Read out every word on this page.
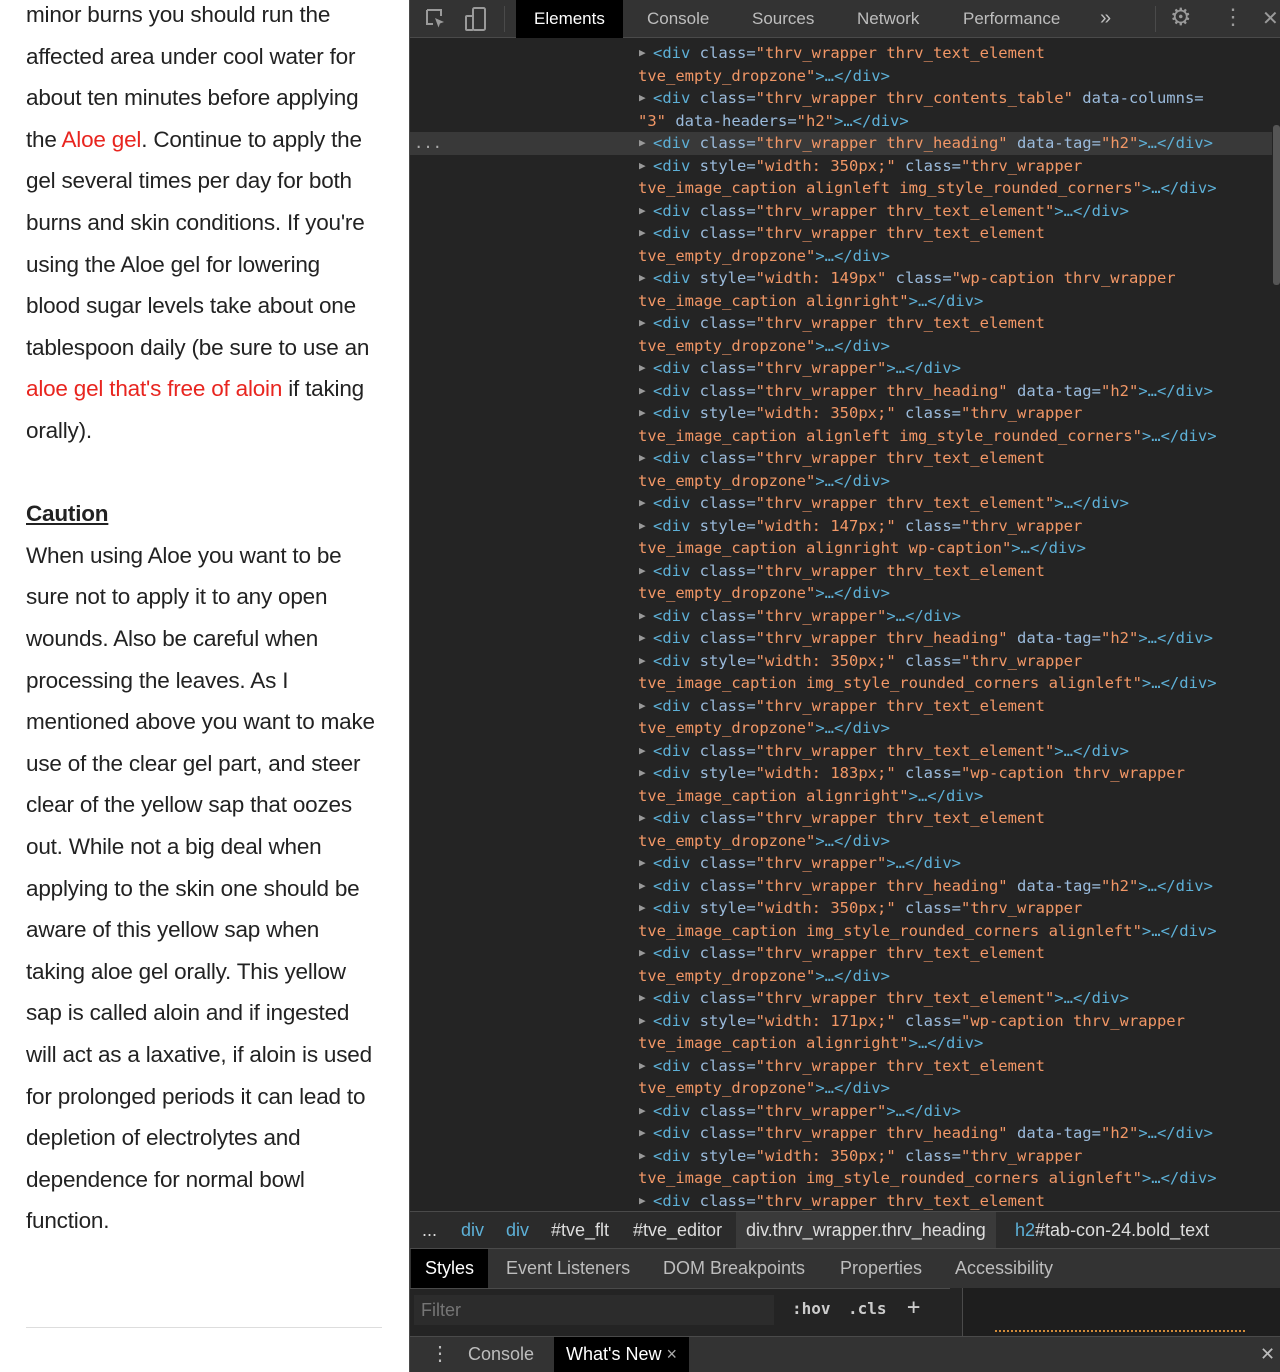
minor burns you should run the
affected area under cool water for
about ten minutes before applying
the Aloe gel. Continue to apply the
gel several times per day for both
burns and skin conditions. If you're
using the Aloe gel for lowering
blood sugar levels take about one
tablespoon daily (be sure to use an
aloe gel that's free of aloin if taking
orally).
Caution
When using Aloe you want to be
sure not to apply it to any open
wounds. Also be careful when
processing the leaves. As I
mentioned above you want to make
use of the clear gel part, and steer
clear of the yellow sap that oozes
out. While not a big deal when
applying to the skin one should be
aware of this yellow sap when
taking aloe gel orally. This yellow
sap is called aloin and if ingested
will act as a laxative, if aloin is used
for prolonged periods it can lead to
depletion of electrolytes and
dependence for normal bowl
function.
Elements	Console	Sources	Network	Performance » ⚙ ⋮ ✕
▶ <div class="thrv_wrapper thrv_text_element
tve_empty_dropzone">…</div>
▶ <div class="thrv_wrapper thrv_contents_table" data-columns=
"3" data-headers="h2">…</div>
▶
...	<div class="thrv_wrapper thrv_heading" data-tag="h2">…</div>
▶ <div style="width: 350px;" class="thrv_wrapper
tve_image_caption alignleft img_style_rounded_corners">…</div>
▶ <div class="thrv_wrapper thrv_text_element">…</div>
▶ <div class="thrv_wrapper thrv_text_element
tve_empty_dropzone">…</div>
▶ <div style="width: 149px" class="wp-caption thrv_wrapper
tve_image_caption alignright">…</div>
▶ <div class="thrv_wrapper thrv_text_element
tve_empty_dropzone">…</div>
▶ <div class="thrv_wrapper">…</div>
▶ <div class="thrv_wrapper thrv_heading" data-tag="h2">…</div>
▶ <div style="width: 350px;" class="thrv_wrapper
tve_image_caption alignleft img_style_rounded_corners">…</div>
▶ <div class="thrv_wrapper thrv_text_element
tve_empty_dropzone">…</div>
▶ <div class="thrv_wrapper thrv_text_element">…</div>
▶ <div style="width: 147px;" class="thrv_wrapper
tve_image_caption alignright wp-caption">…</div>
▶ <div class="thrv_wrapper thrv_text_element
tve_empty_dropzone">…</div>
▶ <div class="thrv_wrapper">…</div>
▶ <div class="thrv_wrapper thrv_heading" data-tag="h2">…</div>
▶ <div style="width: 350px;" class="thrv_wrapper
tve_image_caption img_style_rounded_corners alignleft">…</div>
▶ <div class="thrv_wrapper thrv_text_element
tve_empty_dropzone">…</div>
▶ <div class="thrv_wrapper thrv_text_element">…</div>
▶ <div style="width: 183px;" class="wp-caption thrv_wrapper
tve_image_caption alignright">…</div>
▶ <div class="thrv_wrapper thrv_text_element
tve_empty_dropzone">…</div>
▶ <div class="thrv_wrapper">…</div>
▶ <div class="thrv_wrapper thrv_heading" data-tag="h2">…</div>
▶ <div style="width: 350px;" class="thrv_wrapper
tve_image_caption img_style_rounded_corners alignleft">…</div>
▶ <div class="thrv_wrapper thrv_text_element
tve_empty_dropzone">…</div>
▶ <div class="thrv_wrapper thrv_text_element">…</div>
▶ <div style="width: 171px;" class="wp-caption thrv_wrapper
tve_image_caption alignright">…</div>
▶ <div class="thrv_wrapper thrv_text_element
tve_empty_dropzone">…</div>
▶ <div class="thrv_wrapper">…</div>
▶ <div class="thrv_wrapper thrv_heading" data-tag="h2">…</div>
▶ <div style="width: 350px;" class="thrv_wrapper
tve_image_caption img_style_rounded_corners alignleft">…</div>
▶ <div class="thrv_wrapper thrv_text_element
... div div #tve_flt #tve_editor	div.thrv_wrapper.thrv_heading	h2#tab-con-24.bold_text
Styles	Event Listeners DOM Breakpoints Properties Accessibility
Filter
:hov .cls +
⋮ Console	What's New ×	✕
